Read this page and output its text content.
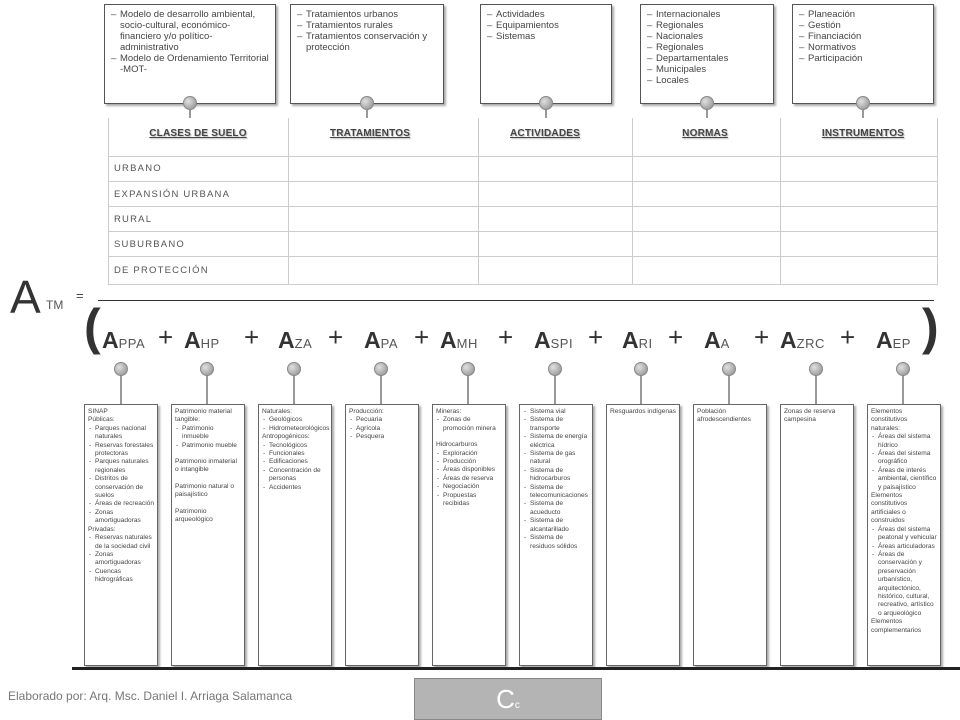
– Modelo de desarrollo ambiental, socio-cultural, económico-financiero y/o político-administrativo
– Modelo de Ordenamiento Territorial -MOT-
– Tratamientos urbanos
– Tratamientos rurales
– Tratamientos conservación y protección
– Actividades
– Equipamientos
– Sistemas
– Internacionales
– Regionales
– Nacionales
– Regionales
– Departamentales
– Municipales
– Locales
– Planeación
– Gestión
– Financiación
– Normativos
– Participación
CLASES DE SUELO	TRATAMIENTOS	ACTIVIDADES	NORMAS	INSTRUMENTOS
URBANO
EXPANSIÓN URBANA
RURAL
SUBURBANO
DE PROTECCIÓN
A TM
=
(	)
APPA + AHP + AZA + APA + AMH + ASPI + ARI + AA + AZRC + AEP
SINAP
Públicas:
- Parques nacional naturales
- Reservas forestales protectoras
- Parques naturales regionales
- Distritos de conservación de suelos
- Áreas de recreación
- Zonas amortiguadoras
Privadas:
- Reservas naturales de la sociedad civil
- Zonas amortiguadoras
- Cuencas hidrográficas
Patrimonio material tangible:
- Patrimonio inmueble
- Patrimonio mueble
Patrimonio inmaterial o intangible
Patrimonio natural o paisajístico
Patrimonio arqueológico
Naturales:
- Geológicos
- Hidrometeorológicos
Antropogénicos:
- Tecnológicos
- Funcionales
- Edificaciones
- Concentración de personas
- Accidentes
Producción:
- Pecuaria
- Agrícola
- Pesquera
Mineras:
- Zonas de promoción minera
Hidrocarburos
- Exploración
- Producción
- Áreas disponibles
- Áreas de reserva
- Negociación
- Propuestas recibidas
- Sistema vial
- Sistema de transporte
- Sistema de energía eléctrica
- Sistema de gas natural
- Sistema de hidrocarburos
- Sistema de telecomunicaciones
- Sistema de acueducto
- Sistema de alcantarillado
- Sistema de residuos sólidos
Resguardos indígenas	Población afrodescendientes
Zonas de reserva campesina
Elementos constitutivos naturales:
- Áreas del sistema hídrico
- Áreas del sistema orográfico
- Áreas de interés ambiental, científico y paisajístico
Elementos constitutivos artificiales o construidos
- Áreas del sistema peatonal y vehicular
- Áreas articuladoras
- Áreas de conservación y preservación urbanístico, arquitectónico, histórico, cultural, recreativo, artístico o arqueológico
Elementos complementarios
Elaborado por: Arq. Msc. Daniel I. Arriaga Salamanca	Cc
